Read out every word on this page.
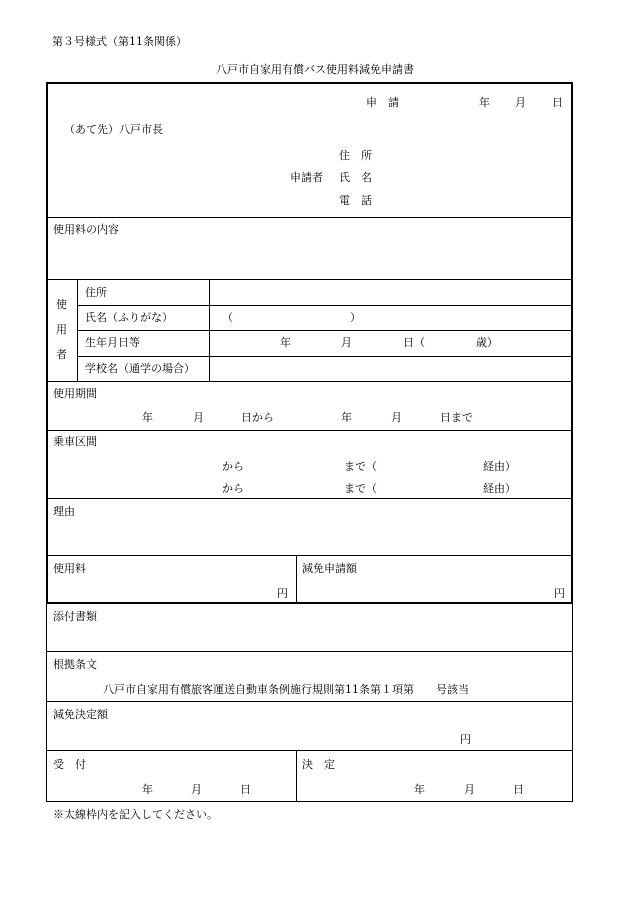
第３号様式（第11条関係）
八戸市自家用有償バス使用料減免申請書
申　請	年 月 日
（あて先）八戸市長
住　所
申請者 氏　名
電　話
使用料の内容
使
用
者
住所
氏名（ふりがな）	（	）
生年月日等	年	月	日（	歳）
学校名（通学の場合）
使用期間
年	月	日から	年	月	日まで
乗車区間
から	まで（	経由）
から	まで（	経由）
理由
使用料
円
減免申請額
円
添付書類
根拠条文
八戸市自家用有償旅客運送自動車条例施行規則第11条第１項第　　号該当
減免決定額
円
受　付
年	月	日
決　定
年	月	日
※太線枠内を記入してください。
